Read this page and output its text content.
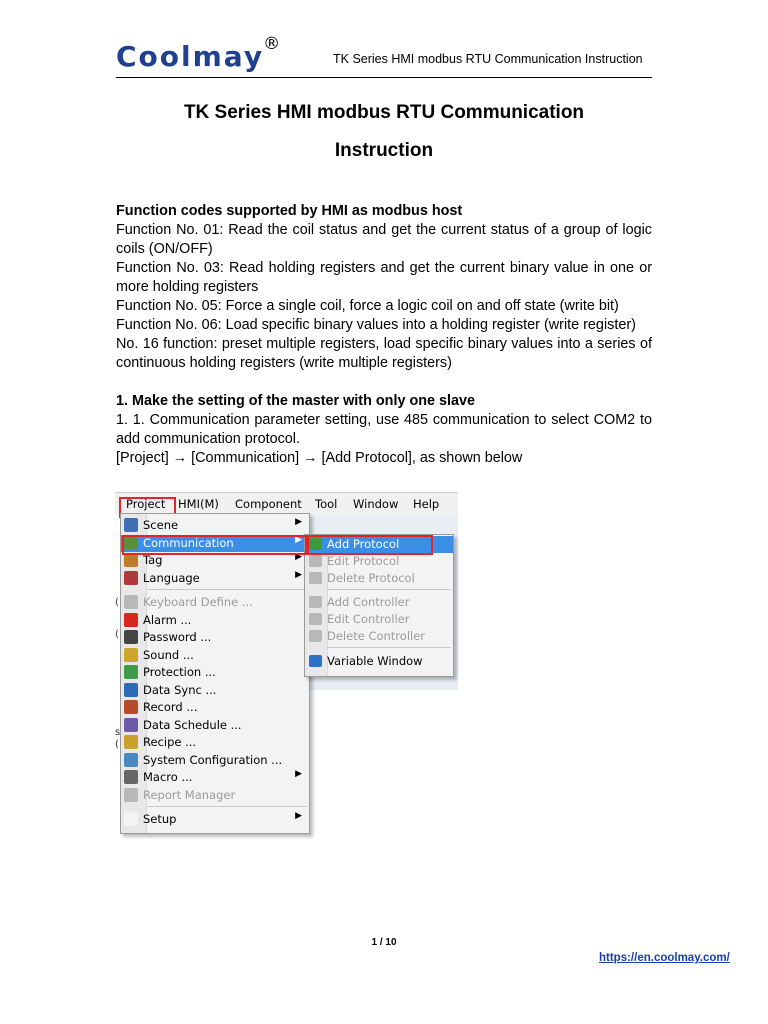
Coolmay ®
TK Series HMI modbus RTU Communication Instruction
TK Series HMI modbus RTU Communication
Instruction

Function codes supported by HMI as modbus host

Function No. 01: Read the coil status and get the current status of a group of logic coils (ON/OFF)

Function No. 03: Read holding registers and get the current binary value in one or more holding registers

Function No. 05: Force a single coil, force a logic coil on and off state (write bit)

Function No. 06: Load specific binary values into a holding register (write register)

No. 16 function: preset multiple registers, load specific binary values into a series of continuous holding registers (write multiple registers)

1. Make the setting of the master with only one slave

1. 1. Communication parameter setting, use 485 communication to select COM2 to add communication protocol.

[Project] → [Communication] → [Add Protocol], as shown below

(
(
s
(
Project HMI(M) Component Tool Window Help
Scene	▶
Communication	▶
Tag	▶
Language	▶
Keyboard Define ...
Alarm ...
Password ...
Sound ...
Protection ...
Data Sync ...
Record ...
Data Schedule ...
Recipe ...
System Configuration ...
Macro ...	▶
Report Manager
Setup	▶
Add Protocol
Edit Protocol
Delete Protocol
Add Controller
Edit Controller
Delete Controller
Variable Window
1 / 10
https://en.coolmay.com/
